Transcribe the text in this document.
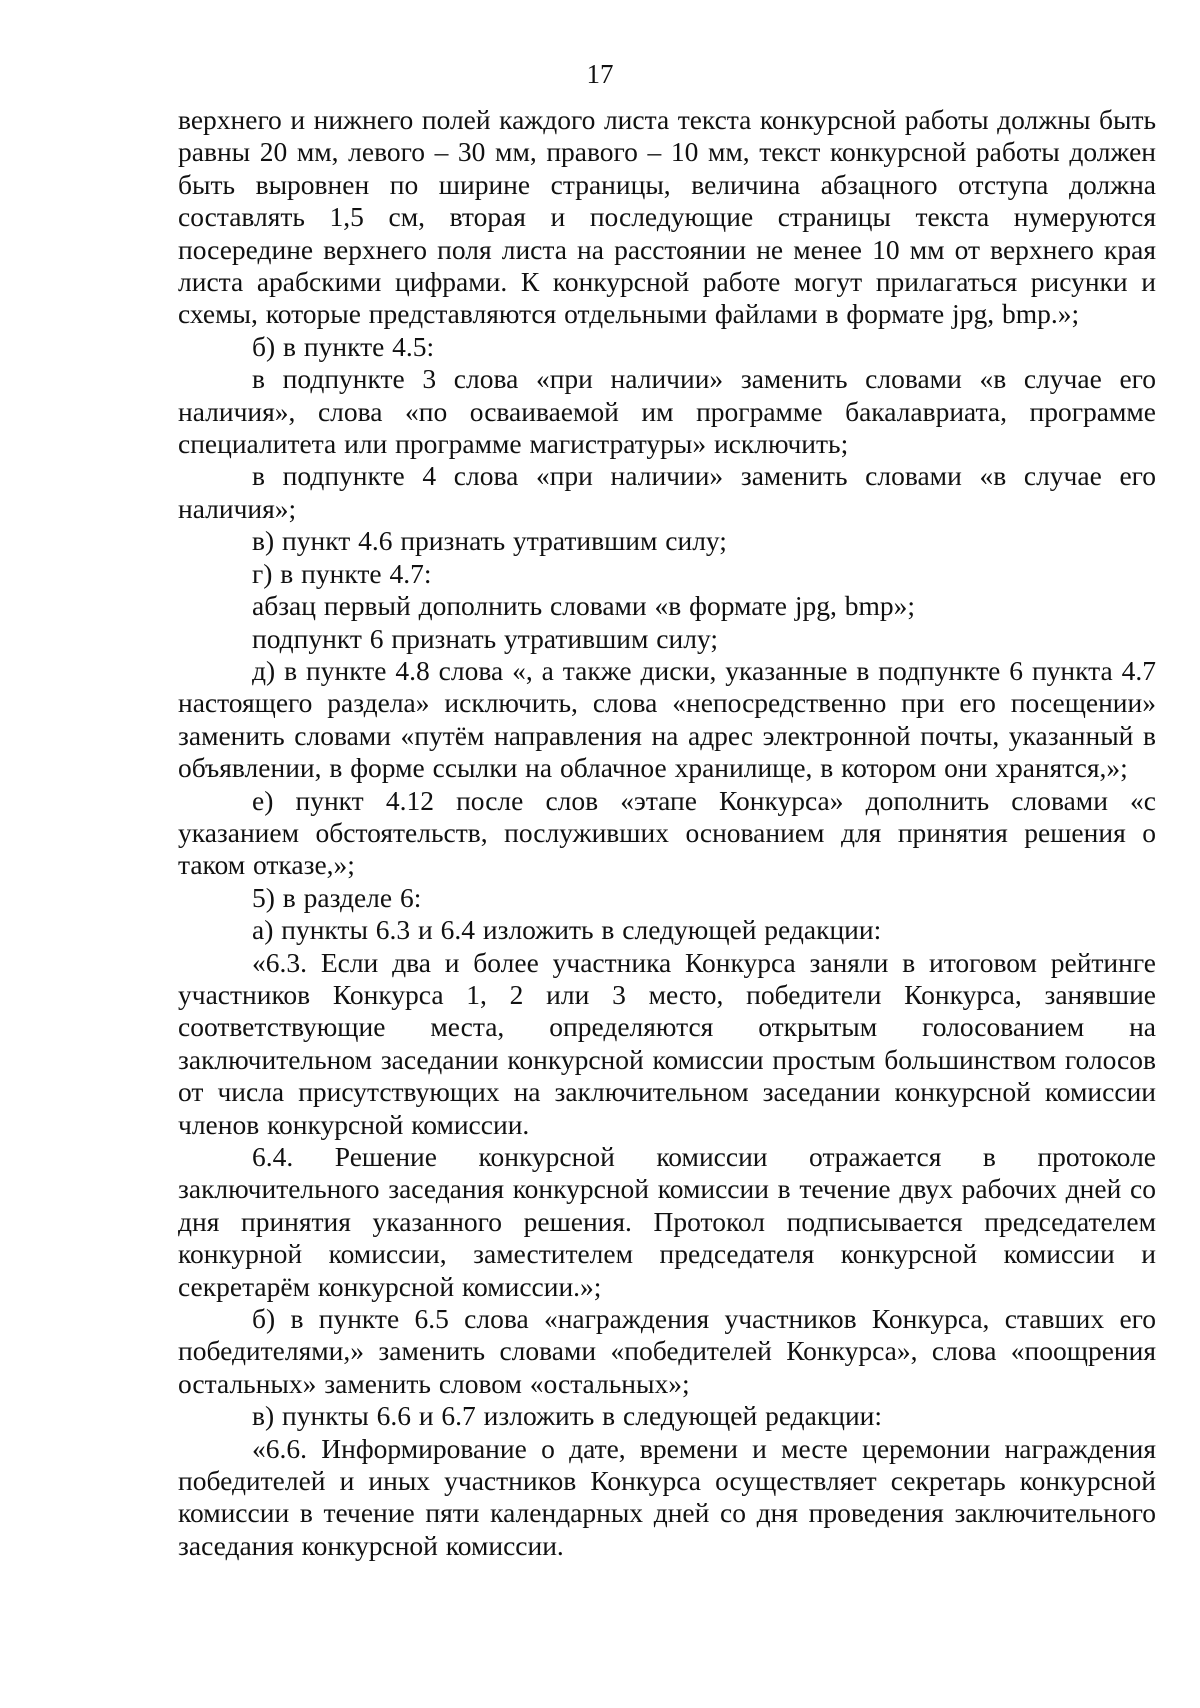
17

верхнего и нижнего полей каждого листа текста конкурсной работы должны быть равны 20 мм, левого – 30 мм, правого – 10 мм, текст конкурсной работы должен быть выровнен по ширине страницы, величина абзацного отступа должна составлять 1,5 см, вторая и последующие страницы текста нумеруются посередине верхнего поля листа на расстоянии не менее 10 мм от верхнего края листа арабскими цифрами. К конкурсной работе могут прилагаться рисунки и схемы, которые представляются отдельными файлами в формате jpg, bmp.»;

б) в пункте 4.5:

в подпункте 3 слова «при наличии» заменить словами «в случае его наличия», слова «по осваиваемой им программе бакалавриата, программе специалитета или программе магистратуры» исключить;

в подпункте 4 слова «при наличии» заменить словами «в случае его наличия»;

в) пункт 4.6 признать утратившим силу;

г) в пункте 4.7:

абзац первый дополнить словами «в формате jpg, bmp»;

подпункт 6 признать утратившим силу;

д) в пункте 4.8 слова «, а также диски, указанные в подпункте 6 пункта 4.7 настоящего раздела» исключить, слова «непосредственно при его посещении» заменить словами «путём направления на адрес электронной почты, указанный в объявлении, в форме ссылки на облачное хранилище, в котором они хранятся,»;

е) пункт 4.12 после слов «этапе Конкурса» дополнить словами «с указанием обстоятельств, послуживших основанием для принятия решения о таком отказе,»;

5) в разделе 6:

а) пункты 6.3 и 6.4 изложить в следующей редакции:

«6.3. Если два и более участника Конкурса заняли в итоговом рейтинге участников Конкурса 1, 2 или 3 место, победители Конкурса, занявшие соответствующие места, определяются открытым голосованием на заключительном заседании конкурсной комиссии простым большинством голосов от числа присутствующих на заключительном заседании конкурсной комиссии членов конкурсной комиссии.

6.4. Решение конкурсной комиссии отражается в протоколе заключительного заседания конкурсной комиссии в течение двух рабочих дней со дня принятия указанного решения. Протокол подписывается председателем конкурной комиссии, заместителем председателя конкурсной комиссии и секретарём конкурсной комиссии.»;

б) в пункте 6.5 слова «награждения участников Конкурса, ставших его победителями,» заменить словами «победителей Конкурса», слова «поощрения остальных» заменить словом «остальных»;

в) пункты 6.6 и 6.7 изложить в следующей редакции:

«6.6. Информирование о дате, времени и месте церемонии награждения победителей и иных участников Конкурса осуществляет секретарь конкурсной комиссии в течение пяти календарных дней со дня проведения заключительного заседания конкурсной комиссии.
